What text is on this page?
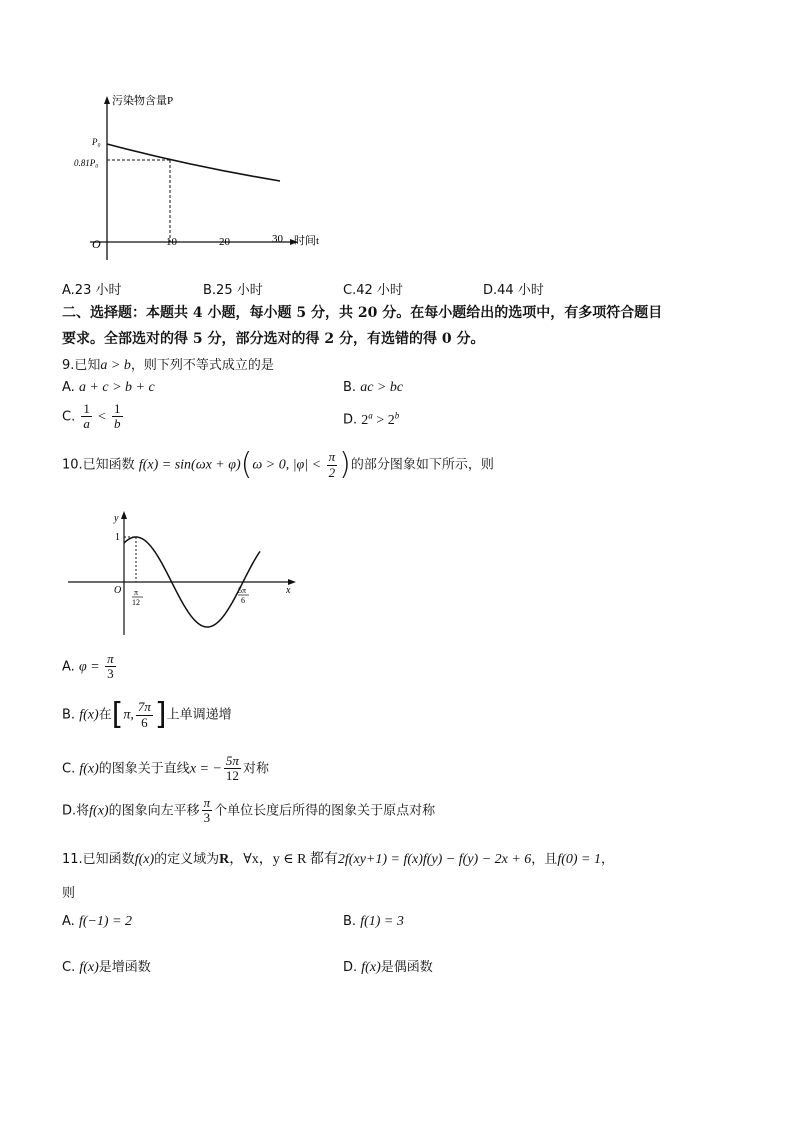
污染物含量P
P₀
0.81P₀
O	10	20	30 时间t
A.23 小时	B.25 小时	C.42 小时	D.44 小时
二、选择题：本题共 4 小题，每小题 5 分，共 20 分。在每小题给出的选项中，有多项符合题目
要求。全部选对的得 5 分，部分选对的得 2 分，有选错的得 0 分。
9.已知a > b，则下列不等式成立的是
A. a + c > b + c	B. ac > bc
C. $\frac{1}{a} < \frac{1}{b}$	D. $2^a > 2^b$
10.已知函数 f(x) = sin(ωx + φ)(ω > 0, $|\varphi| < \frac{\pi}{2}$ )的部分图象如下所示，则
y
1
O π
12
5π
6
x
A. $\varphi = \frac{\pi}{3}$
B. f(x)在[π, $\frac{7\pi}{6}$ ]上单调递增
C. f(x)的图象关于直线x = − $\frac{5\pi}{12}$ 对称
D.将f(x)的图象向左平移 $\frac{\pi}{3}$ 个单位长度后所得的图象关于原点对称
11.已知函数f(x)的定义域为R，∀x，y ∈ R 都有2f(xy+1) = f(x)f(y) − f(y) − 2x + 6，且f(0) = 1，
则
A. f(−1) = 2	B. f(1) = 3
C. f(x)是增函数	D. f(x)是偶函数
